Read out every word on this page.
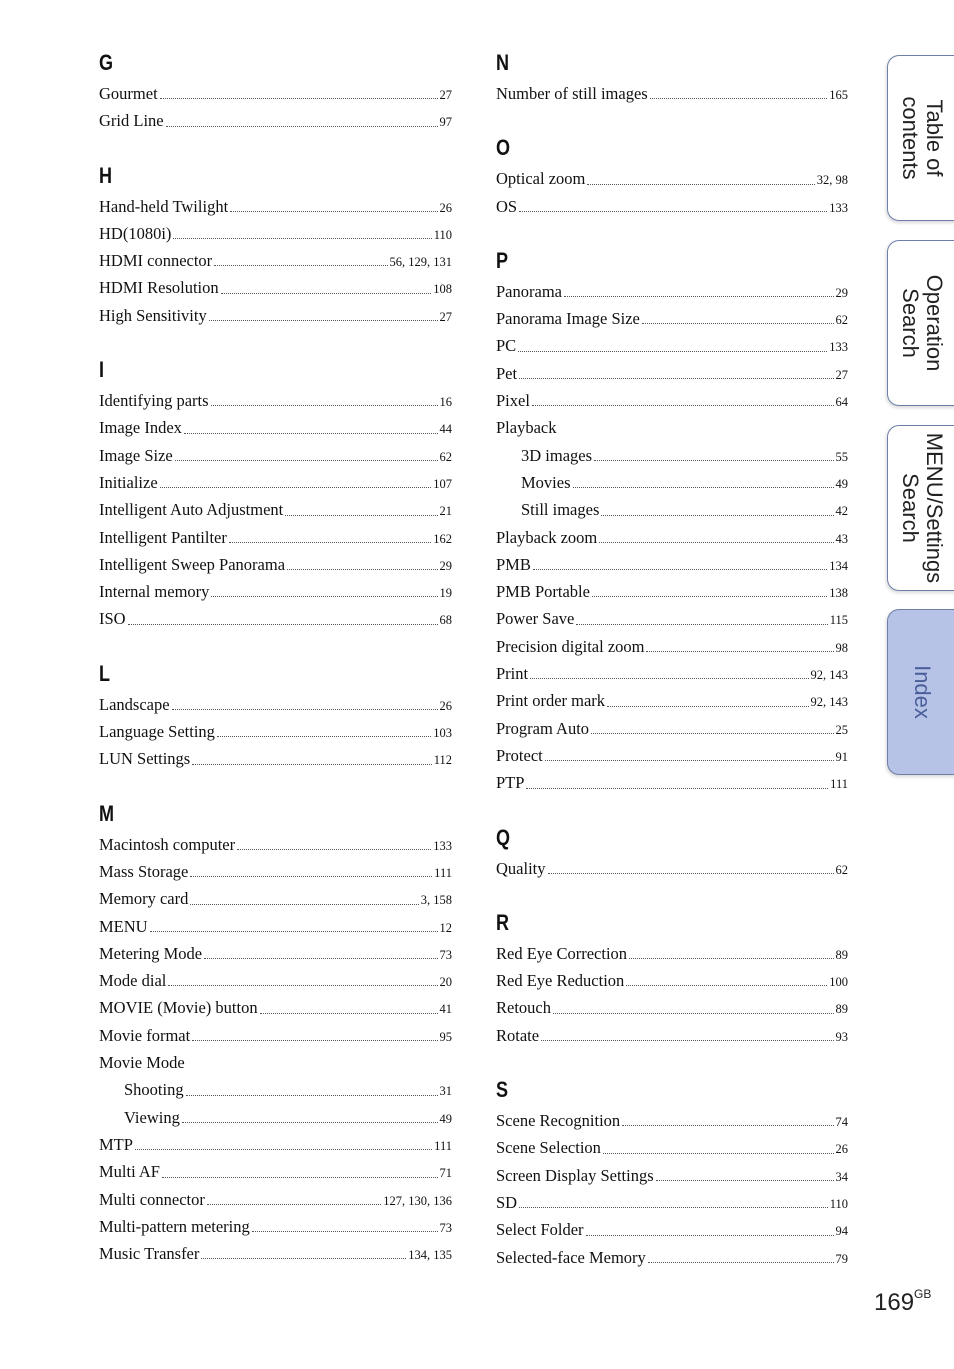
G
Gourmet	27
Grid Line	97
H
Hand-held Twilight	26
HD(1080i)	110
HDMI connector	56, 129, 131
HDMI Resolution	108
High Sensitivity	27
I
Identifying parts	16
Image Index	44
Image Size	62
Initialize	107
Intelligent Auto Adjustment	21
Intelligent Pantilter	162
Intelligent Sweep Panorama	29
Internal memory	19
ISO	68
L
Landscape	26
Language Setting	103
LUN Settings	112
M
Macintosh computer	133
Mass Storage	111
Memory card	3, 158
MENU	12
Metering Mode	73
Mode dial	20
MOVIE (Movie) button	41
Movie format	95
Movie Mode
Shooting	31
Viewing	49
MTP	111
Multi AF	71
Multi connector	127, 130, 136
Multi-pattern metering	73
Music Transfer	134, 135
N
Number of still images	165
O
Optical zoom	32, 98
OS	133
P
Panorama	29
Panorama Image Size	62
PC	133
Pet	27
Pixel	64
Playback
3D images	55
Movies	49
Still images	42
Playback zoom	43
PMB	134
PMB Portable	138
Power Save	115
Precision digital zoom	98
Print	92, 143
Print order mark	92, 143
Program Auto	25
Protect	91
PTP	111
Q
Quality	62
R
Red Eye Correction	89
Red Eye Reduction	100
Retouch	89
Rotate	93
S
Scene Recognition	74
Scene Selection	26
Screen Display Settings	34
SD	110
Select Folder	94
Selected-face Memory	79
Table of
contents
Operation
Search
MENU/Settings
Search
Index
$169^{GB}$
